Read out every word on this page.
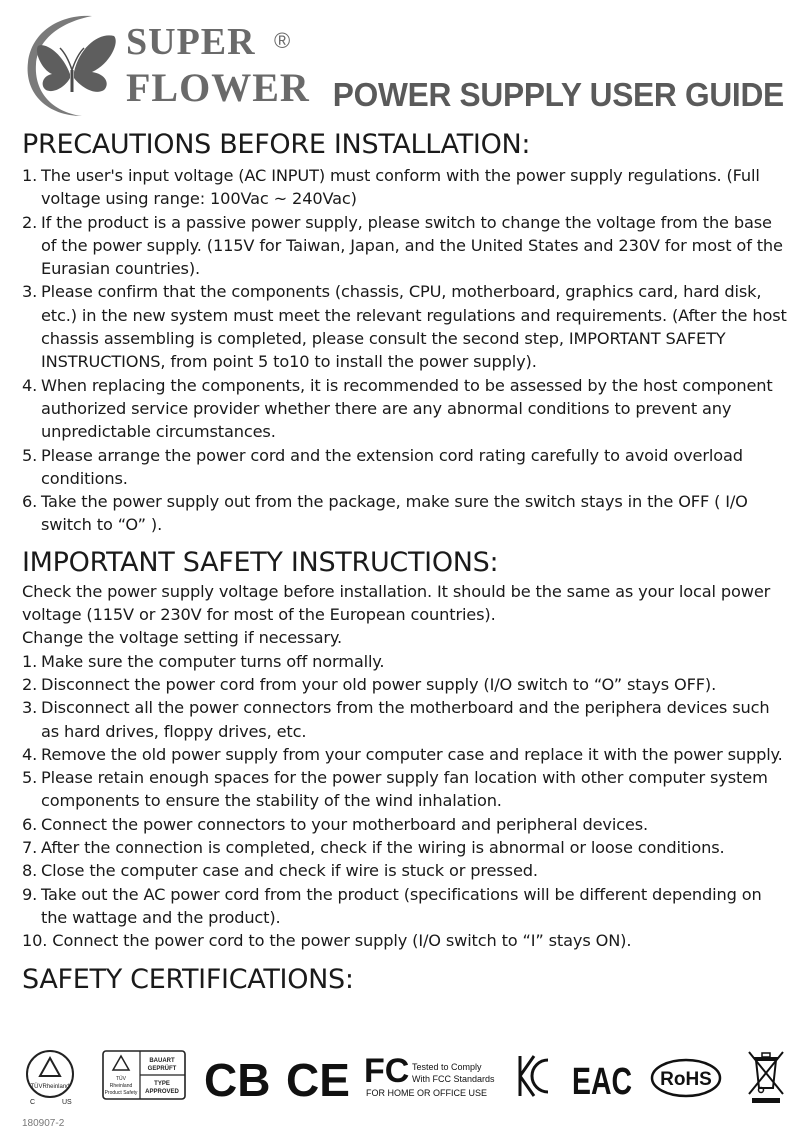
SUPER
FLOWER
®
POWER SUPPLY USER GUIDE
PRECAUTIONS BEFORE INSTALLATION:
1. The user's input voltage (AC INPUT) must conform with the power supply regulations. (Full voltage using range: 100Vac ~ 240Vac)
2. If the product is a passive power supply, please switch to change the voltage from the base of the power supply. (115V for Taiwan, Japan, and the United States and 230V for most of the Eurasian countries).
3. Please confirm that the components (chassis, CPU, motherboard, graphics card, hard disk, etc.) in the new system must meet the relevant regulations and requirements. (After the host chassis assembling is completed, please consult the second step, IMPORTANT SAFETY INSTRUCTIONS, from point 5 to10 to install the power supply).
4. When replacing the components, it is recommended to be assessed by the host component authorized service provider whether there are any abnormal conditions to prevent any unpredictable circumstances.
5. Please arrange the power cord and the extension cord rating carefully to avoid overload conditions.
6. Take the power supply out from the package, make sure the switch stays in the OFF ( I/O switch to “O” ).
IMPORTANT SAFETY INSTRUCTIONS:

Check the power supply voltage before installation. It should be the same as your local power voltage (115V or 230V for most of the European countries).

Change the voltage setting if necessary.

1. Make sure the computer turns off normally.
2. Disconnect the power cord from your old power supply (I/O switch to “O” stays OFF).
3. Disconnect all the power connectors from the motherboard and the periphera devices such as hard drives, floppy drives, etc.
4. Remove the old power supply from your computer case and replace it with the power supply.
5. Please retain enough spaces for the power supply fan location with other computer system components to ensure the stability of the wind inhalation.
6. Connect the power connectors to your motherboard and peripheral devices.
7. After the connection is completed, check if the wiring is abnormal or loose conditions.
8. Close the computer case and check if wire is stuck or pressed.
9. Take out the AC power cord from the product (specifications will be different depending on the wattage and the product).
10. Connect the power cord to the power supply (I/O switch to “I” stays ON).
SAFETY CERTIFICATIONS:
TÜVRheinland
C	US
TÜV
Rheinland
Product Safety
BAUART
GEPRÜFT
TYPE
APPROVED CB CE FC Tested to Comply
With FCC Standards
FOR HOME OR OFFICE USE EAC RoHS
180907-2
